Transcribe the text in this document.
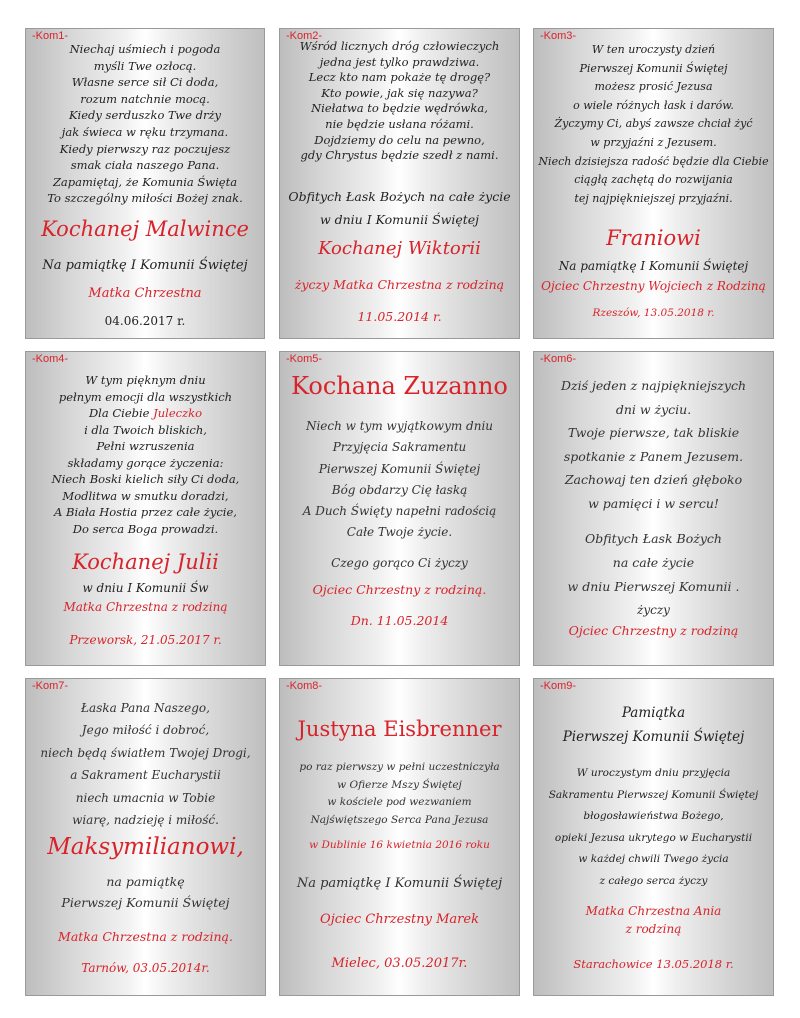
-Kom1-
Niechaj uśmiech i pogoda
myśli Twe ozłocą.
Własne serce sił Ci doda,
rozum natchnie mocą.
Kiedy serduszko Twe drży
jak świeca w ręku trzymana.
Kiedy pierwszy raz poczujesz
smak ciała naszego Pana.
Zapamiętaj, że Komunia Święta
To szczególny miłości Bożej znak.
Kochanej Malwince
Na pamiątkę I Komunii Świętej
Matka Chrzestna
04.06.2017 r.
-Kom2-
Wśród licznych dróg człowieczych
jedna jest tylko prawdziwa.
Lecz kto nam pokaże tę drogę?
Kto powie, jak się nazywa?
Niełatwa to będzie wędrówka,
nie będzie usłana różami.
Dojdziemy do celu na pewno,
gdy Chrystus będzie szedł z nami.
Obfitych Łask Bożych na całe życie
w dniu I Komunii Świętej
Kochanej Wiktorii
życzy Matka Chrzestna z rodziną
11.05.2014 r.
-Kom3-
W ten uroczysty dzień
Pierwszej Komunii Świętej
możesz prosić Jezusa
o wiele różnych łask i darów.
Życzymy Ci, abyś zawsze chciał żyć
w przyjaźni z Jezusem.
Niech dzisiejsza radość będzie dla Ciebie
ciągłą zachętą do rozwijania
tej najpiękniejszej przyjaźni.
Franiowi
Na pamiątkę I Komunii Świętej
Ojciec Chrzestny Wojciech z Rodziną
Rzeszów, 13.05.2018 r.
-Kom4-
W tym pięknym dniu
pełnym emocji dla wszystkich
Dla Ciebie Juleczko
i dla Twoich bliskich,
Pełni wzruszenia
składamy gorące życzenia:
Niech Boski kielich siły Ci doda,
Modlitwa w smutku doradzi,
A Biała Hostia przez całe życie,
Do serca Boga prowadzi.
Kochanej Julii
w dniu I Komunii Św
Matka Chrzestna z rodziną
Przeworsk, 21.05.2017 r.
-Kom5-
Kochana Zuzanno
Niech w tym wyjątkowym dniu
Przyjęcia Sakramentu
Pierwszej Komunii Świętej
Bóg obdarzy Cię łaską
A Duch Święty napełni radością
Całe Twoje życie.
Czego gorąco Ci życzy
Ojciec Chrzestny z rodziną.
Dn. 11.05.2014
-Kom6-
Dziś jeden z najpiękniejszych
dni w życiu.
Twoje pierwsze, tak bliskie
spotkanie z Panem Jezusem.
Zachowaj ten dzień głęboko
w pamięci i w sercu!
Obfitych Łask Bożych
na całe życie
w dniu Pierwszej Komunii .
życzy
Ojciec Chrzestny z rodziną
-Kom7-
Łaska Pana Naszego,
Jego miłość i dobroć,
niech będą światłem Twojej Drogi,
a Sakrament Eucharystii
niech umacnia w Tobie
wiarę, nadzieję i miłość.
Maksymilianowi,
na pamiątkę
Pierwszej Komunii Świętej
Matka Chrzestna z rodziną.
Tarnów, 03.05.2014r.
-Kom8-
Justyna Eisbrenner
po raz pierwszy w pełni uczestniczyła
w Ofierze Mszy Świętej
w kościele pod wezwaniem
Najświętszego Serca Pana Jezusa
w Dublinie 16 kwietnia 2016 roku
Na pamiątkę I Komunii Świętej
Ojciec Chrzestny Marek
Mielec, 03.05.2017r.
-Kom9-
Pamiątka
Pierwszej Komunii Świętej
W uroczystym dniu przyjęcia
Sakramentu Pierwszej Komunii Świętej
błogosławieństwa Bożego,
opieki Jezusa ukrytego w Eucharystii
w każdej chwili Twego życia
z całego serca życzy
Matka Chrzestna Ania
z rodziną
Starachowice 13.05.2018 r.
